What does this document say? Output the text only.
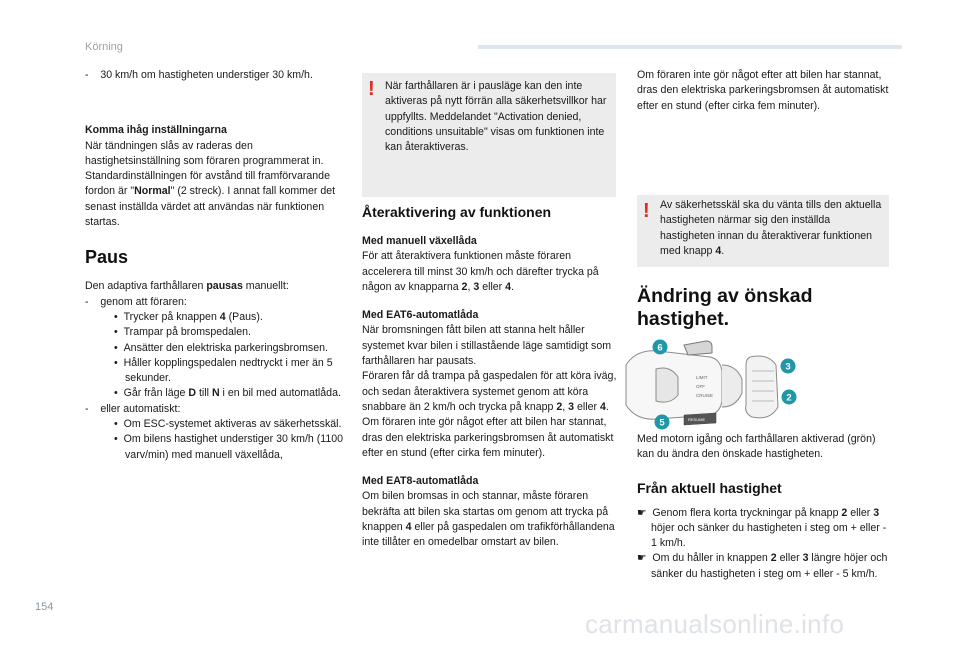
Körning

-    30 km/h om hastigheten understiger 30 km/h.

Komma ihåg inställningarna

När tändningen slås av raderas den hastighetsinställning som föraren programmerat in.

Standardinställningen för avstånd till framförvarande fordon är "Normal" (2 streck). I annat fall kommer det senast inställda värdet att användas när funktionen startas.

Paus

Den adaptiva farthållaren pausas manuellt:

-    genom att föraren:

•  Trycker på knappen 4 (Paus).

•  Trampar på bromspedalen.

•  Ansätter den elektriska parkeringsbromsen.

•  Håller kopplingspedalen nedtryckt i mer än 5 sekunder.

•  Går från läge D till N i en bil med automatlåda.

-    eller automatiskt:

•  Om ESC-systemet aktiveras av säkerhetsskäl.

•  Om bilens hastighet understiger 30 km/h (1100 varv/min) med manuell växellåda,

! När farthållaren är i pausläge kan den inte aktiveras på nytt förrän alla säkerhetsvillkor har uppfyllts. Meddelandet "Activation denied, conditions unsuitable" visas om funktionen inte kan återaktiveras.
Återaktivering av funktionen

Med manuell växellåda

För att återaktivera funktionen måste föraren accelerera till minst 30 km/h och därefter trycka på någon av knapparna 2, 3 eller 4.

Med EAT6-automatlåda

När bromsningen fått bilen att stanna helt håller systemet kvar bilen i stillastående läge samtidigt som farthållaren har pausats.

Föraren får då trampa på gaspedalen för att köra iväg, och sedan återaktivera systemet genom att köra snabbare än 2 km/h och trycka på knapp 2, 3 eller 4.

Om föraren inte gör något efter att bilen har stannat, dras den elektriska parkeringsbromsen åt automatiskt efter en stund (efter cirka fem minuter).

Med EAT8-automatlåda

Om bilen bromsas in och stannar, måste föraren bekräfta att bilen ska startas om genom att trycka på knappen 4 eller på gaspedalen om trafikförhållandena inte tillåter en omedelbar omstart av bilen.

Om föraren inte gör något efter att bilen har stannat, dras den elektriska parkeringsbromsen åt automatiskt efter en stund (efter cirka fem minuter).

! Av säkerhetsskäl ska du vänta tills den aktuella hastigheten närmar sig den inställda hastigheten innan du återaktiverar funktionen med knapp 4.
Ändring av önskad
hastighet.
LIMIT
OFF
CRUISE
RESUME
6
3
2
5

Med motorn igång och farthållaren aktiverad (grön) kan du ändra den önskade hastigheten.

Från aktuell hastighet

☛  Genom flera korta tryckningar på knapp 2 eller 3 höjer och sänker du hastigheten i steg om + eller - 1 km/h.

☛  Om du håller in knappen 2 eller 3 längre höjer och sänker du hastigheten i steg om + eller - 5 km/h.

154
carmanualsonline.info
